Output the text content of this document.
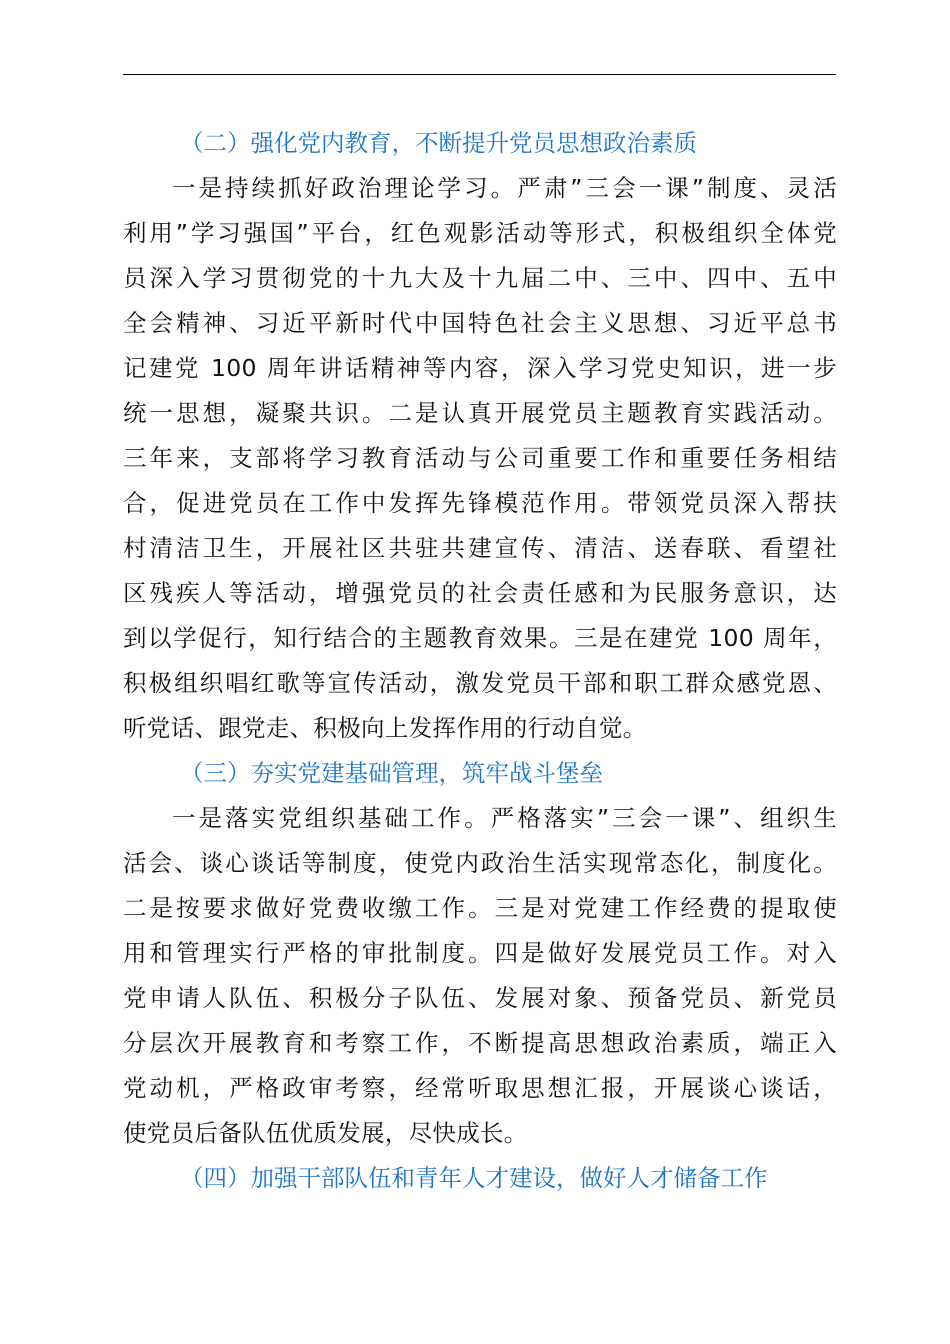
（二）强化党内教育，不断提升党员思想政治素质
一是持续抓好政治理论学习。严肃”三会一课”制度、灵活
利用”学习强国”平台，红色观影活动等形式，积极组织全体党
员深入学习贯彻党的十九大及十九届二中、三中、四中、五中
全会精神、习近平新时代中国特色社会主义思想、习近平总书
记建党 100 周年讲话精神等内容，深入学习党史知识，进一步
统一思想，凝聚共识。二是认真开展党员主题教育实践活动。
三年来，支部将学习教育活动与公司重要工作和重要任务相结
合，促进党员在工作中发挥先锋模范作用。带领党员深入帮扶
村清洁卫生，开展社区共驻共建宣传、清洁、送春联、看望社
区残疾人等活动，增强党员的社会责任感和为民服务意识，达
到以学促行，知行结合的主题教育效果。三是在建党 100 周年，
积极组织唱红歌等宣传活动，激发党员干部和职工群众感党恩、
听党话、跟党走、积极向上发挥作用的行动自觉。
（三）夯实党建基础管理，筑牢战斗堡垒
一是落实党组织基础工作。严格落实”三会一课”、组织生
活会、谈心谈话等制度，使党内政治生活实现常态化，制度化。
二是按要求做好党费收缴工作。三是对党建工作经费的提取使
用和管理实行严格的审批制度。四是做好发展党员工作。对入
党申请人队伍、积极分子队伍、发展对象、预备党员、新党员
分层次开展教育和考察工作，不断提高思想政治素质，端正入
党动机，严格政审考察，经常听取思想汇报，开展谈心谈话，
使党员后备队伍优质发展，尽快成长。
（四）加强干部队伍和青年人才建设，做好人才储备工作
